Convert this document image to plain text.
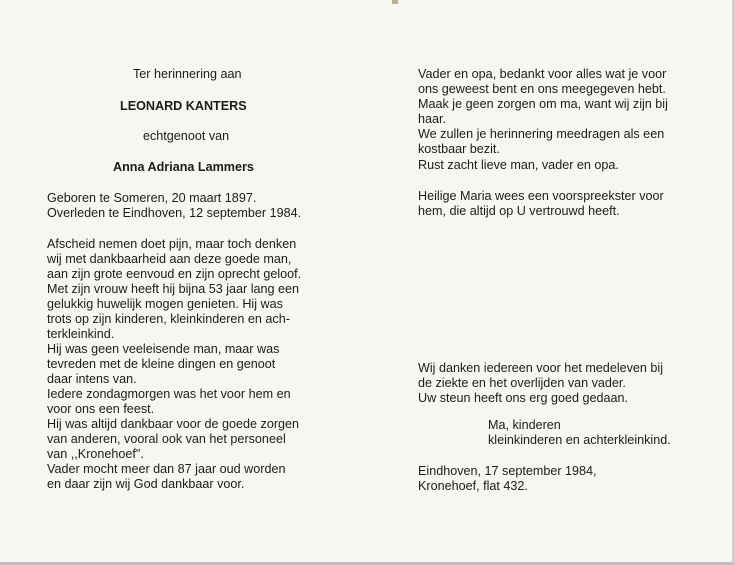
Ter herinnering aan
LEONARD KANTERS
echtgenoot van
Anna Adriana Lammers
Geboren te Someren, 20 maart 1897.
Overleden te Eindhoven, 12 september 1984.
Afscheid nemen doet pijn, maar toch denken
wij met dankbaarheid aan deze goede man,
aan zijn grote eenvoud en zijn oprecht geloof.
Met zijn vrouw heeft hij bijna 53 jaar lang een
gelukkig huwelijk mogen genieten. Hij was
trots op zijn kinderen, kleinkinderen en ach-
terkleinkind.
Hij was geen veeleisende man, maar was
tevreden met de kleine dingen en genoot
daar intens van.
Iedere zondagmorgen was het voor hem en
voor ons een feest.
Hij was altijd dankbaar voor de goede zorgen
van anderen, vooral ook van het personeel
van ,,Kronehoef".
Vader mocht meer dan 87 jaar oud worden
en daar zijn wij God dankbaar voor.
Vader en opa, bedankt voor alles wat je voor
ons geweest bent en ons meegegeven hebt.
Maak je geen zorgen om ma, want wij zijn bij
haar.
We zullen je herinnering meedragen als een
kostbaar bezit.
Rust zacht lieve man, vader en opa.
Heilige Maria wees een voorspreekster voor
hem, die altijd op U vertrouwd heeft.
Wij danken iedereen voor het medeleven bij
de ziekte en het overlijden van vader.
Uw steun heeft ons erg goed gedaan.
Ma, kinderen
kleinkinderen en achterkleinkind.
Eindhoven, 17 september 1984,
Kronehoef, flat 432.
